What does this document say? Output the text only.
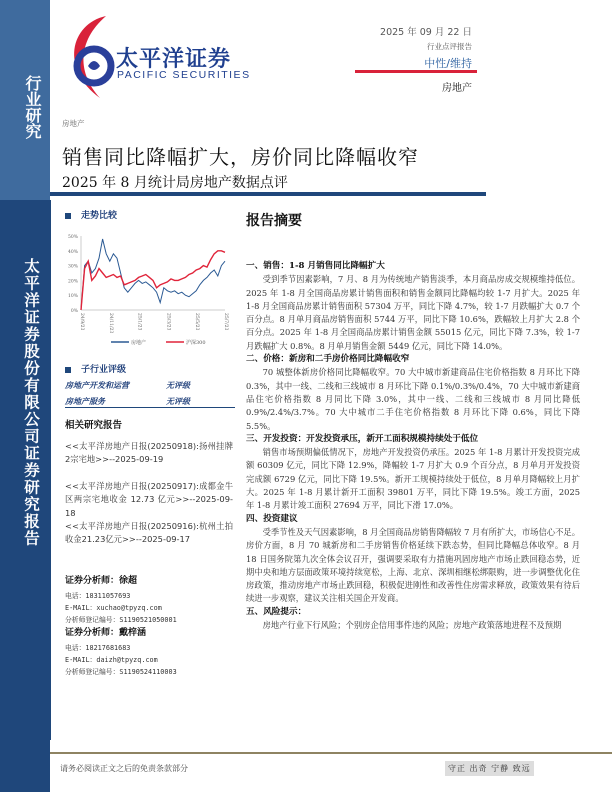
行业研究
太平洋证券股份有限公司证券研究报告
太平洋证券
PACIFIC SECURITIES
2025 年 09 月 22 日
行业点评报告
中性/维持
房地产
房地产
销售同比降幅扩大，房价同比降幅收窄
2025 年 8 月统计局房地产数据点评
走势比较
0%
10%
20%
30%
40%
50%
24/9/23	24/11/23	25/1/23	25/3/23	25/5/23	25/7/23
房地产	沪深300
子行业评级
房地产开发和运营	无评级
房地产服务	无评级
相关研究报告
<<太平洋房地产日报(20250918):扬州挂牌2宗宅地>>--2025-09-19
<<太平洋房地产日报(20250917):成都金牛区两宗宅地收金 12.73 亿元>>--2025-09-18
<<太平洋房地产日报(20250916):杭州土拍收金21.23亿元>>--2025-09-17
证券分析师：徐超
电话：18311057693
E-MAIL：xuchao@tpyzq.com
分析师登记编号：S1190521050001
证券分析师：戴梓涵
电话：18217681683
E-MAIL：daizh@tpyzq.com
分析师登记编号：S1190524110003
报告摘要
一、销售：1-8 月销售同比降幅扩大
受到季节因素影响，7 月、8 月为传统地产销售淡季，本月商品房成交规模维持低位。2025 年 1-8 月全国商品房累计销售面积和销售金额同比降幅均较 1-7 月扩大。2025 年 1-8 月全国商品房累计销售面积 57304 万平，同比下降 4.7%，较 1-7 月跌幅扩大 0.7 个百分点。8 月单月商品房销售面积 5744 万平，同比下降 10.6%，跌幅较上月扩大 2.8 个百分点。2025 年 1-8 月全国商品房累计销售金额 55015 亿元，同比下降 7.3%，较 1-7 月跌幅扩大 0.8%。8 月单月销售金额 5449 亿元，同比下降 14.0%。
二、价格：新房和二手房价格同比降幅收窄
70 城整体新房价格同比降幅收窄。70 大中城市新建商品住宅价格指数 8 月环比下降 0.3%，其中一线、二线和三线城市 8 月环比下降 0.1%/0.3%/0.4%，70 大中城市新建商品住宅价格指数 8 月同比下降 3.0%，其中一线、二线和三线城市 8 月同比降低 0.9%/2.4%/3.7%。70 大中城市二手住宅价格指数 8 月环比下降 0.6%，同比下降 5.5%。
三、开发投资：开发投资承压，新开工面积规模持续处于低位
销售市场预期偏低情况下，房地产开发投资仍承压。2025 年 1-8 月累计开发投资完成额 60309 亿元，同比下降 12.9%，降幅较 1-7 月扩大 0.9 个百分点，8 月单月开发投资完成额 6729 亿元，同比下降 19.5%。新开工规模持续处于低位，8 月单月降幅较上月扩大。2025 年 1-8 月累计新开工面积 39801 万平，同比下降 19.5%。竣工方面，2025 年 1-8 月累计竣工面积 27694 万平，同比下滑 17.0%。
四、投资建议
受季节性及天气因素影响，8 月全国商品房销售降幅较 7 月有所扩大，市场信心不足。房价方面，8 月 70 城新房和二手房销售价格延续下跌态势，但同比降幅总体收窄。8 月 18 日国务院第九次全体会议召开，强调要采取有力措施巩固房地产市场止跌回稳态势，近期中央和地方层面政策环境持续宽松，上海、北京、深圳相继松绑限购，进一步调整优化住房政策，推动房地产市场止跌回稳，积极促进刚性和改善性住房需求释放，政策效果有待后续进一步观察，建议关注相关国企开发商。
五、风险提示：
房地产行业下行风险；个别房企信用事件违约风险；房地产政策落地进程不及预期
请务必阅读正文之后的免责条款部分	守正 出奇 宁静 致远
